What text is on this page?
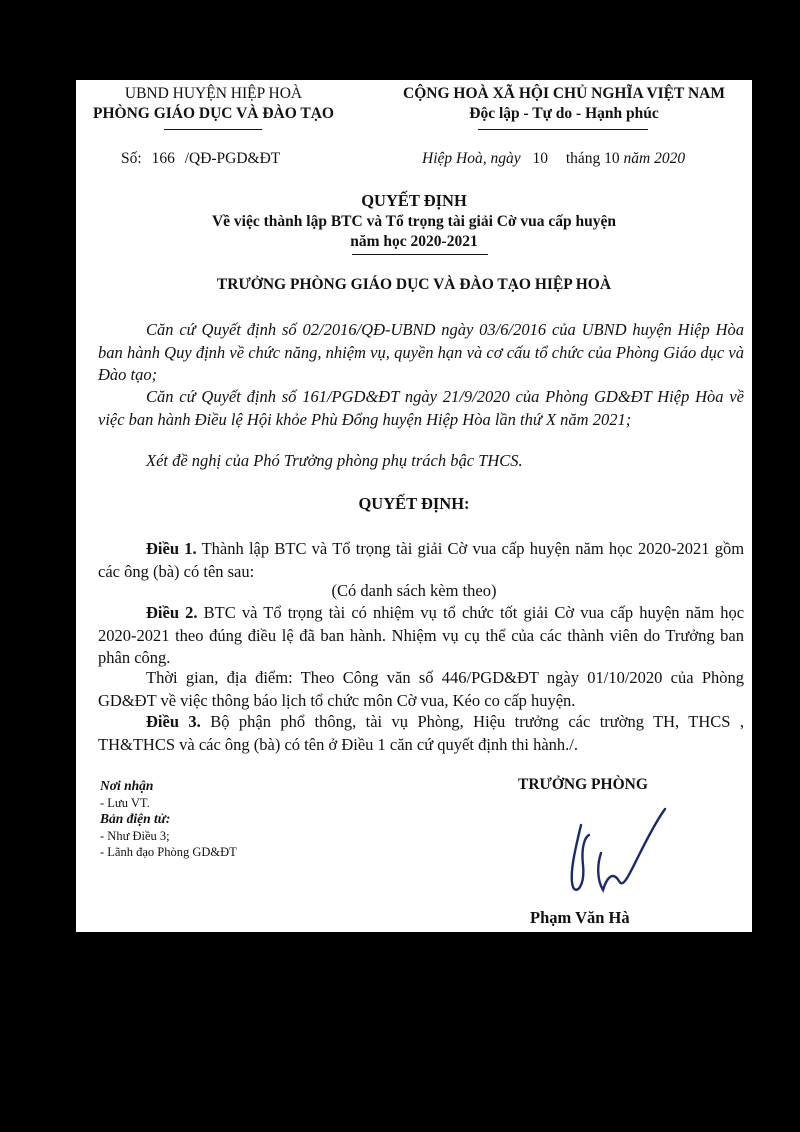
UBND HUYỆN HIỆP HOÀ
PHÒNG GIÁO DỤC VÀ ĐÀO TẠO
CỘNG HOÀ XÃ HỘI CHỦ NGHĨA VIỆT NAM
Độc lập - Tự do - Hạnh phúc
Số: 166 /QĐ-PGD&ĐT	Hiệp Hoà, ngày 10 tháng 10 năm 2020
QUYẾT ĐỊNH
Về việc thành lập BTC và Tổ trọng tài giải Cờ vua cấp huyện
năm học 2020-2021
TRƯỞNG PHÒNG GIÁO DỤC VÀ ĐÀO TẠO HIỆP HOÀ
Căn cứ Quyết định số 02/2016/QĐ-UBND ngày 03/6/2016 của UBND huyện Hiệp Hòa ban hành Quy định về chức năng, nhiệm vụ, quyền hạn và cơ cấu tổ chức của Phòng Giáo dục và Đào tạo;
Căn cứ Quyết định số 161/PGD&ĐT ngày 21/9/2020 của Phòng GD&ĐT Hiệp Hòa về việc ban hành Điều lệ Hội khỏe Phù Đổng huyện Hiệp Hòa lần thứ X năm 2021;
Xét đề nghị của Phó Trưởng phòng phụ trách bậc THCS.
QUYẾT ĐỊNH:
Điều 1. Thành lập BTC và Tổ trọng tài giải Cờ vua cấp huyện năm học 2020-2021 gồm các ông (bà) có tên sau:
(Có danh sách kèm theo)
Điều 2. BTC và Tổ trọng tài có nhiệm vụ tổ chức tốt giải Cờ vua cấp huyện năm học 2020-2021 theo đúng điều lệ đã ban hành. Nhiệm vụ cụ thể của các thành viên do Trưởng ban phân công.
Thời gian, địa điểm: Theo Công văn số 446/PGD&ĐT ngày 01/10/2020 của Phòng GD&ĐT về việc thông báo lịch tổ chức môn Cờ vua, Kéo co cấp huyện.
Điều 3. Bộ phận phổ thông, tài vụ Phòng, Hiệu trưởng các trường TH, THCS , TH&THCS và các ông (bà) có tên ở Điều 1 căn cứ quyết định thi hành./.
Nơi nhận
- Lưu VT.
Bản điện tử:
- Như Điều 3;
- Lãnh đạo Phòng GD&ĐT
TRƯỞNG PHÒNG
Phạm Văn Hà
